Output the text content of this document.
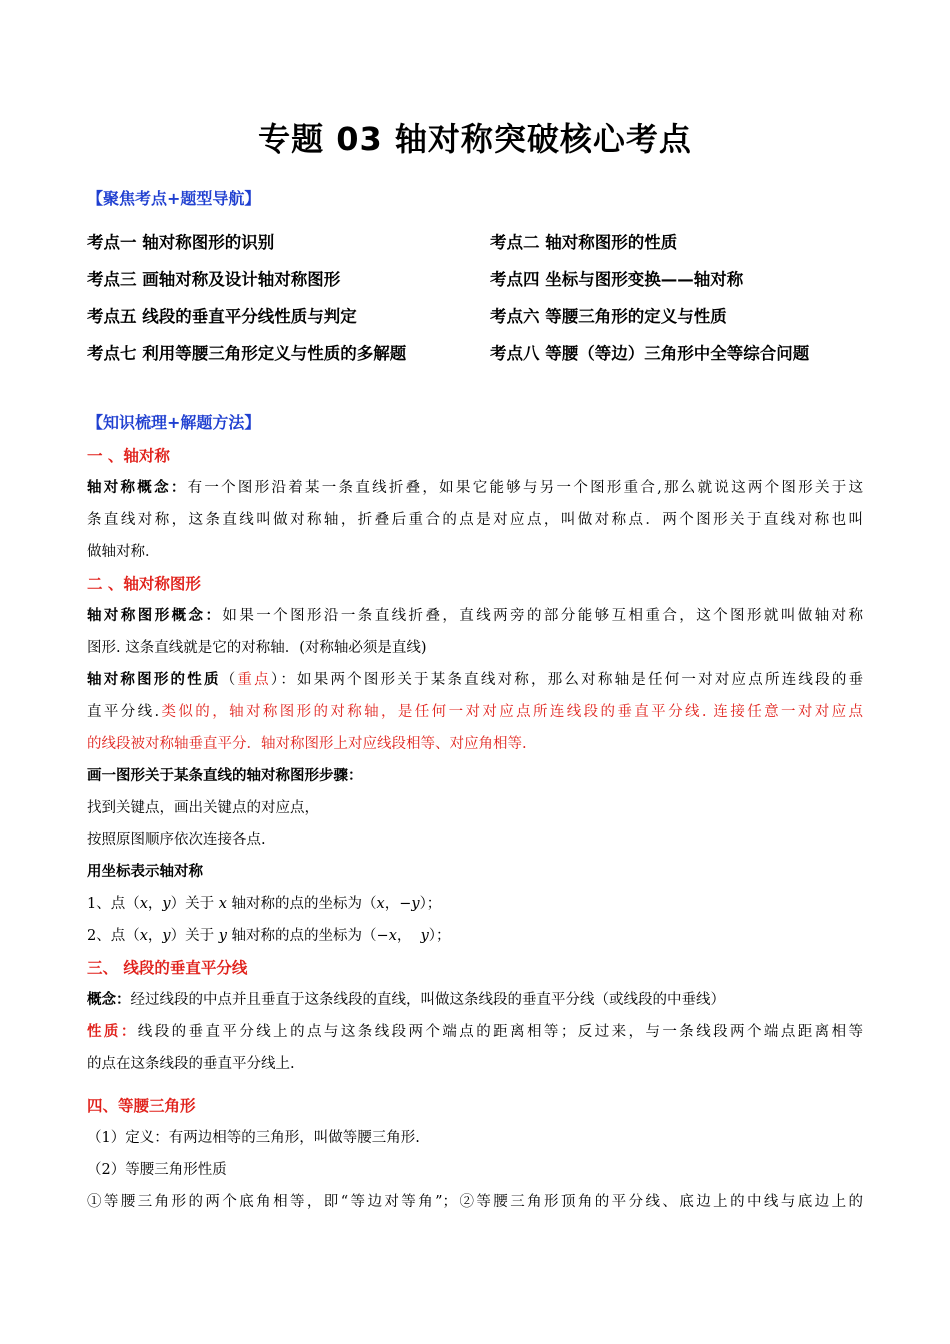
专题 03 轴对称突破核心考点
【聚焦考点+题型导航】
考点一 轴对称图形的识别	考点二 轴对称图形的性质
考点三 画轴对称及设计轴对称图形	考点四 坐标与图形变换——轴对称
考点五 线段的垂直平分线性质与判定	考点六 等腰三角形的定义与性质
考点七 利用等腰三角形定义与性质的多解题	考点八 等腰（等边）三角形中全等综合问题
【知识梳理+解题方法】
一 、轴对称
轴对称概念：有一个图形沿着某一条直线折叠，如果它能够与另一个图形重合,那么就说这两个图形关于这
条直线对称，这条直线叫做对称轴，折叠后重合的点是对应点，叫做对称点．两个图形关于直线对称也叫
做轴对称．
二 、轴对称图形
轴对称图形概念：如果一个图形沿一条直线折叠，直线两旁的部分能够互相重合，这个图形就叫做轴对称
图形. 这条直线就是它的对称轴．(对称轴必须是直线)
轴对称图形的性质（重点）：如果两个图形关于某条直线对称，那么对称轴是任何一对对应点所连线段的垂
直平分线.类似的，轴对称图形的对称轴，是任何一对对应点所连线段的垂直平分线. 连接任意一对对应点
的线段被对称轴垂直平分．轴对称图形上对应线段相等、对应角相等.
画一图形关于某条直线的轴对称图形步骤：
找到关键点，画出关键点的对应点，
按照原图顺序依次连接各点.
用坐标表示轴对称
1、点（x，y）关于 x 轴对称的点的坐标为（x，−y）；
2、点（x，y）关于 y 轴对称的点的坐标为（−x， y）；
三、 线段的垂直平分线
概念：经过线段的中点并且垂直于这条线段的直线，叫做这条线段的垂直平分线（或线段的中垂线）
性质：线段的垂直平分线上的点与这条线段两个端点的距离相等；反过来，与一条线段两个端点距离相等
的点在这条线段的垂直平分线上.
四、等腰三角形
（1）定义：有两边相等的三角形，叫做等腰三角形.
（2）等腰三角形性质
①等腰三角形的两个底角相等，即“等边对等角”；②等腰三角形顶角的平分线、底边上的中线与底边上的
